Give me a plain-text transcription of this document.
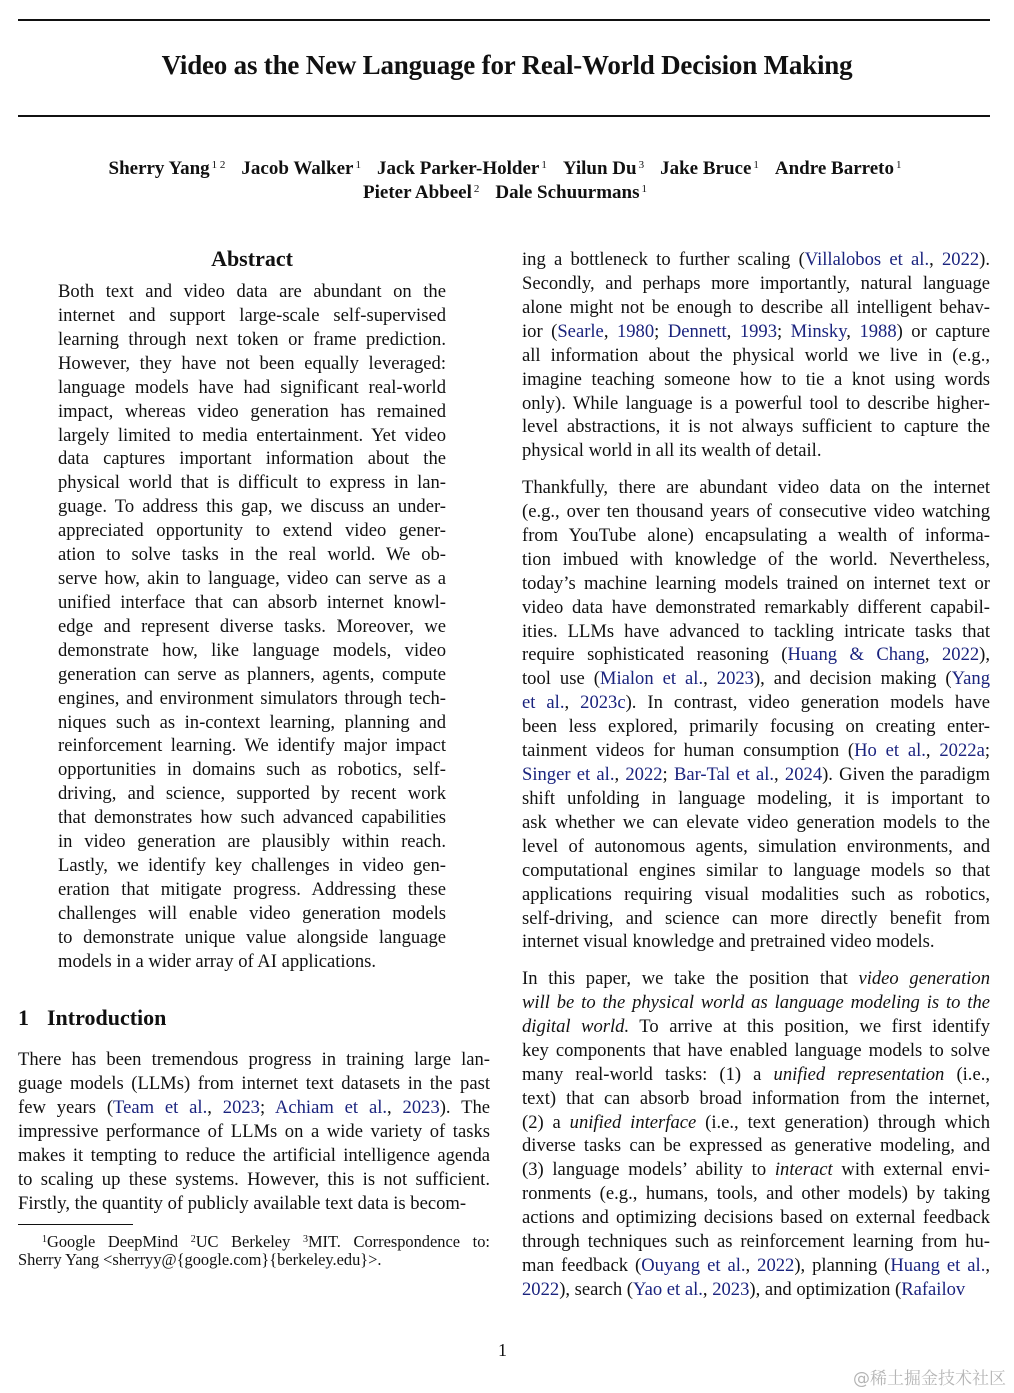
Video as the New Language for Real-World Decision Making
Sherry Yang $^{1 2}$ Jacob Walker $^1$ Jack Parker-Holder $^1$ Yilun Du $^3$ Jake Bruce $^1$ Andre Barreto $^1$
Pieter Abbeel $^2$ Dale Schuurmans $^1$
Abstract
Both text and video data are abundant on the
internet and support large-scale self-supervised
learning through next token or frame prediction.
However, they have not been equally leveraged:
language models have had significant real-world
impact, whereas video generation has remained
largely limited to media entertainment. Yet video
data captures important information about the
physical world that is difficult to express in lan-
guage. To address this gap, we discuss an under-
appreciated opportunity to extend video gener-
ation to solve tasks in the real world. We ob-
serve how, akin to language, video can serve as a
unified interface that can absorb internet knowl-
edge and represent diverse tasks. Moreover, we
demonstrate how, like language models, video
generation can serve as planners, agents, compute
engines, and environment simulators through tech-
niques such as in-context learning, planning and
reinforcement learning. We identify major impact
opportunities in domains such as robotics, self-
driving, and science, supported by recent work
that demonstrates how such advanced capabilities
in video generation are plausibly within reach.
Lastly, we identify key challenges in video gen-
eration that mitigate progress. Addressing these
challenges will enable video generation models
to demonstrate unique value alongside language
models in a wider array of AI applications.
1 Introduction
There has been tremendous progress in training large lan-
guage models (LLMs) from internet text datasets in the past
few years (Team et al., 2023; Achiam et al., 2023). The
impressive performance of LLMs on a wide variety of tasks
makes it tempting to reduce the artificial intelligence agenda
to scaling up these systems. However, this is not sufficient.
Firstly, the quantity of publicly available text data is becom-
ing a bottleneck to further scaling (Villalobos et al., 2022).
Secondly, and perhaps more importantly, natural language
alone might not be enough to describe all intelligent behav-
ior (Searle, 1980; Dennett, 1993; Minsky, 1988) or capture
all information about the physical world we live in (e.g.,
imagine teaching someone how to tie a knot using words
only). While language is a powerful tool to describe higher-
level abstractions, it is not always sufficient to capture the
physical world in all its wealth of detail.
Thankfully, there are abundant video data on the internet
(e.g., over ten thousand years of consecutive video watching
from YouTube alone) encapsulating a wealth of informa-
tion imbued with knowledge of the world. Nevertheless,
today’s machine learning models trained on internet text or
video data have demonstrated remarkably different capabil-
ities. LLMs have advanced to tackling intricate tasks that
require sophisticated reasoning (Huang & Chang, 2022),
tool use (Mialon et al., 2023), and decision making (Yang
et al., 2023c). In contrast, video generation models have
been less explored, primarily focusing on creating enter-
tainment videos for human consumption (Ho et al., 2022a;
Singer et al., 2022; Bar-Tal et al., 2024). Given the paradigm
shift unfolding in language modeling, it is important to
ask whether we can elevate video generation models to the
level of autonomous agents, simulation environments, and
computational engines similar to language models so that
applications requiring visual modalities such as robotics,
self-driving, and science can more directly benefit from
internet visual knowledge and pretrained video models.
In this paper, we take the position that video generation
will be to the physical world as language modeling is to the
digital world. To arrive at this position, we first identify
key components that have enabled language models to solve
many real-world tasks: (1) a unified representation (i.e.,
text) that can absorb broad information from the internet,
(2) a unified interface (i.e., text generation) through which
diverse tasks can be expressed as generative modeling, and
(3) language models’ ability to interact with external envi-
ronments (e.g., humans, tools, and other models) by taking
actions and optimizing decisions based on external feedback
through techniques such as reinforcement learning from hu-
man feedback (Ouyang et al., 2022), planning (Huang et al.,
2022), search (Yao et al., 2023), and optimization (Rafailov
$^1$Google DeepMind $^2$UC Berkeley $^3$MIT. Correspondence to:
Sherry Yang <sherryy@{google.com}{berkeley.edu}>.
1
@稀土掘金技术社区
